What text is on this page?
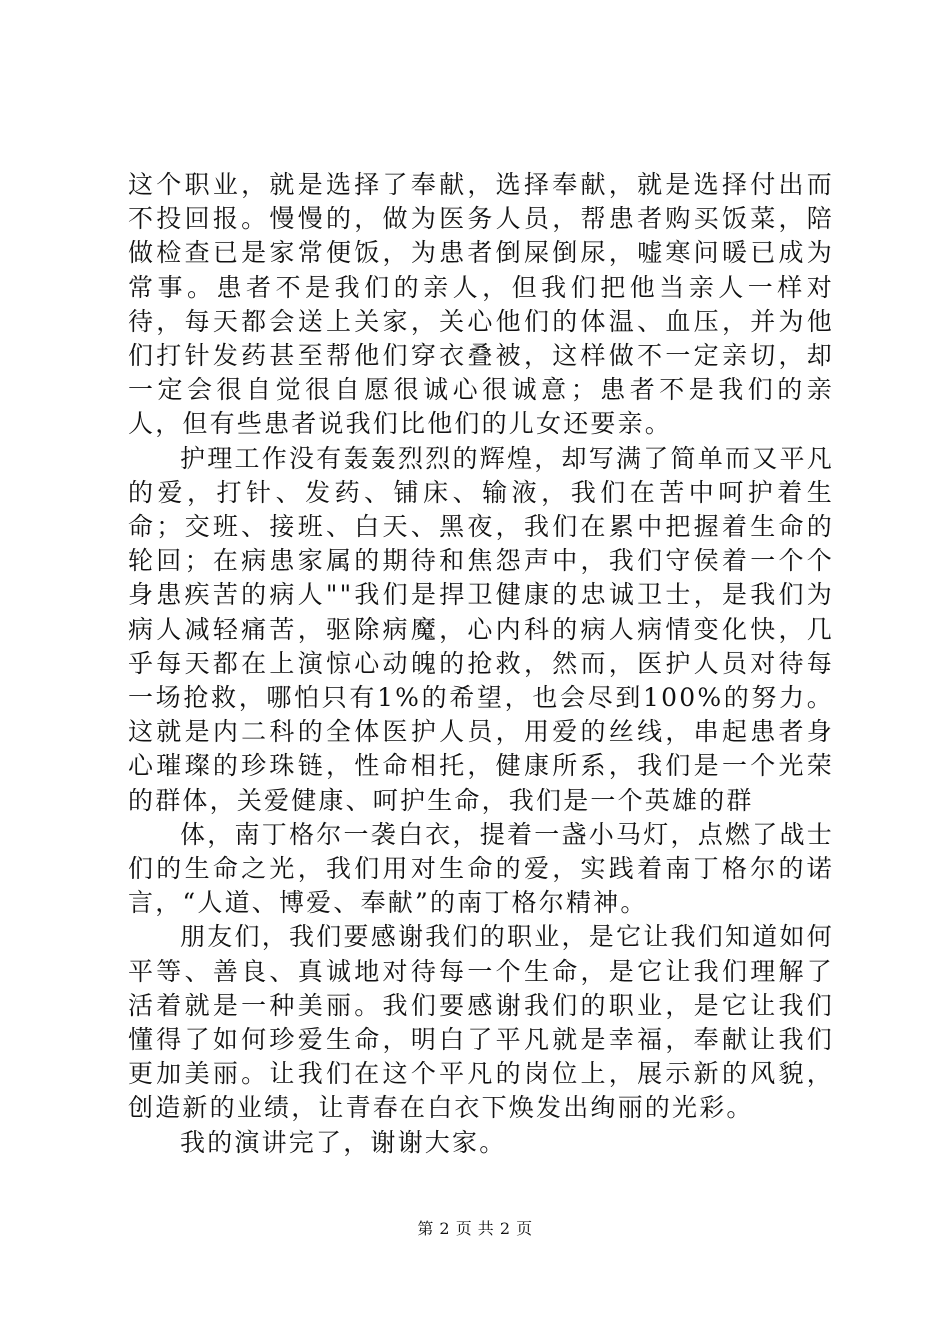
这个职业，就是选择了奉献，选择奉献，就是选择付出而不投回报。慢慢的，做为医务人员，帮患者购买饭菜，陪做检查已是家常便饭，为患者倒屎倒尿，嘘寒问暖已成为常事。患者不是我们的亲人，但我们把他当亲人一样对待，每天都会送上关家，关心他们的体温、血压，并为他们打针发药甚至帮他们穿衣叠被，这样做不一定亲切，却一定会很自觉很自愿很诚心很诚意；患者不是我们的亲人，但有些患者说我们比他们的儿女还要亲。

护理工作没有轰轰烈烈的辉煌，却写满了简单而又平凡的爱，打针、发药、铺床、输液，我们在苦中呵护着生命；交班、接班、白天、黑夜，我们在累中把握着生命的轮回；在病患家属的期待和焦怨声中，我们守侯着一个个身患疾苦的病人""我们是捍卫健康的忠诚卫士，是我们为病人减轻痛苦，驱除病魔，心内科的病人病情变化快，几乎每天都在上演惊心动魄的抢救，然而，医护人员对待每一场抢救，哪怕只有1%的希望，也会尽到100%的努力。这就是内二科的全体医护人员，用爱的丝线，串起患者身心璀璨的珍珠链，性命相托，健康所系，我们是一个光荣的群体，关爱健康、呵护生命，我们是一个英雄的群

体，南丁格尔一袭白衣，提着一盏小马灯，点燃了战士们的生命之光，我们用对生命的爱，实践着南丁格尔的诺言，“人道、博爱、奉献”的南丁格尔精神。

朋友们，我们要感谢我们的职业，是它让我们知道如何平等、善良、真诚地对待每一个生命，是它让我们理解了活着就是一种美丽。我们要感谢我们的职业，是它让我们懂得了如何珍爱生命，明白了平凡就是幸福，奉献让我们更加美丽。让我们在这个平凡的岗位上，展示新的风貌，创造新的业绩，让青春在白衣下焕发出绚丽的光彩。

我的演讲完了，谢谢大家。

第 2 页 共 2 页
